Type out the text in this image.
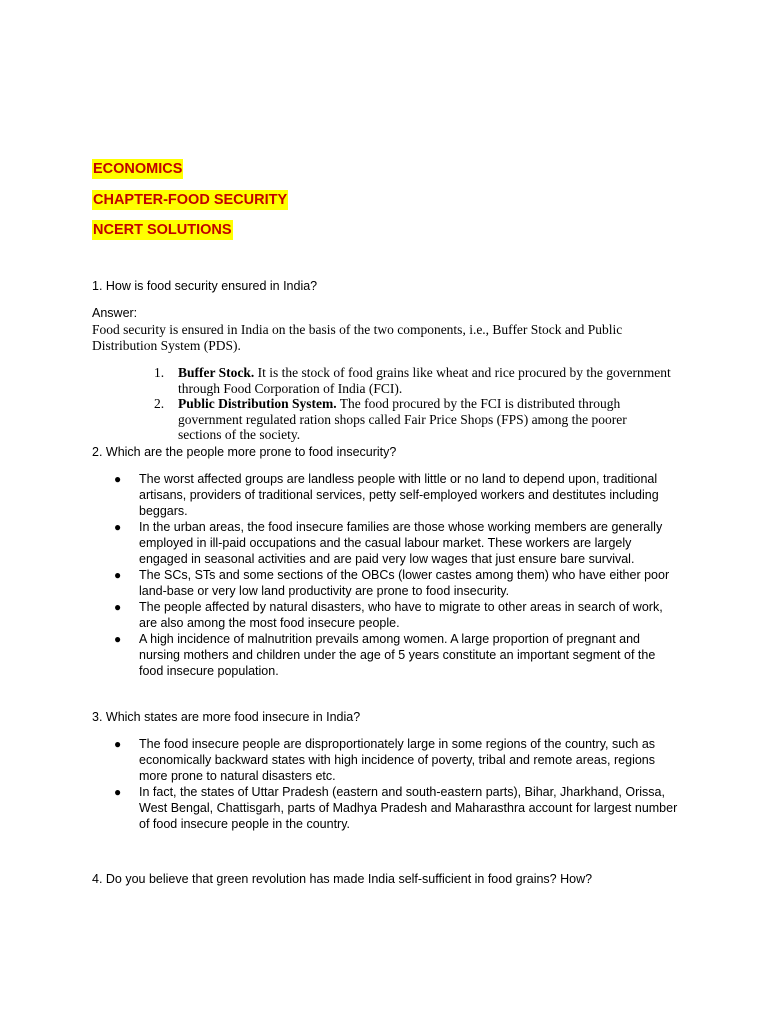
ECONOMICS
CHAPTER-FOOD SECURITY
NCERT SOLUTIONS
1. How is food security ensured in India?
Answer:
Food security is ensured in India on the basis of the two components, i.e., Buffer Stock and Public Distribution System (PDS).
1. Buffer Stock. It is the stock of food grains like wheat and rice procured by the government through Food Corporation of India (FCI).
2. Public Distribution System. The food procured by the FCI is distributed through government regulated ration shops called Fair Price Shops (FPS) among the poorer sections of the society.
2. Which are the people more prone to food insecurity?
● The worst affected groups are landless people with little or no land to depend upon, traditional artisans, providers of traditional services, petty self-employed workers and destitutes including beggars.
● In the urban areas, the food insecure families are those whose working members are generally employed in ill-paid occupations and the casual labour market. These workers are largely engaged in seasonal activities and are paid very low wages that just ensure bare survival.
● The SCs, STs and some sections of the OBCs (lower castes among them) who have either poor land-base or very low land productivity are prone to food insecurity.
● The people affected by natural disasters, who have to migrate to other areas in search of work, are also among the most food insecure people.
● A high incidence of malnutrition prevails among women. A large proportion of pregnant and nursing mothers and children under the age of 5 years constitute an important segment of the food insecure population.
3. Which states are more food insecure in India?
● The food insecure people are disproportionately large in some regions of the country, such as economically backward states with high incidence of poverty, tribal and remote areas, regions more prone to natural disasters etc.
● In fact, the states of Uttar Pradesh (eastern and south-eastern parts), Bihar, Jharkhand, Orissa, West Bengal, Chattisgarh, parts of Madhya Pradesh and Maharasthra account for largest number of food insecure people in the country.
4. Do you believe that green revolution has made India self-sufficient in food grains? How?
